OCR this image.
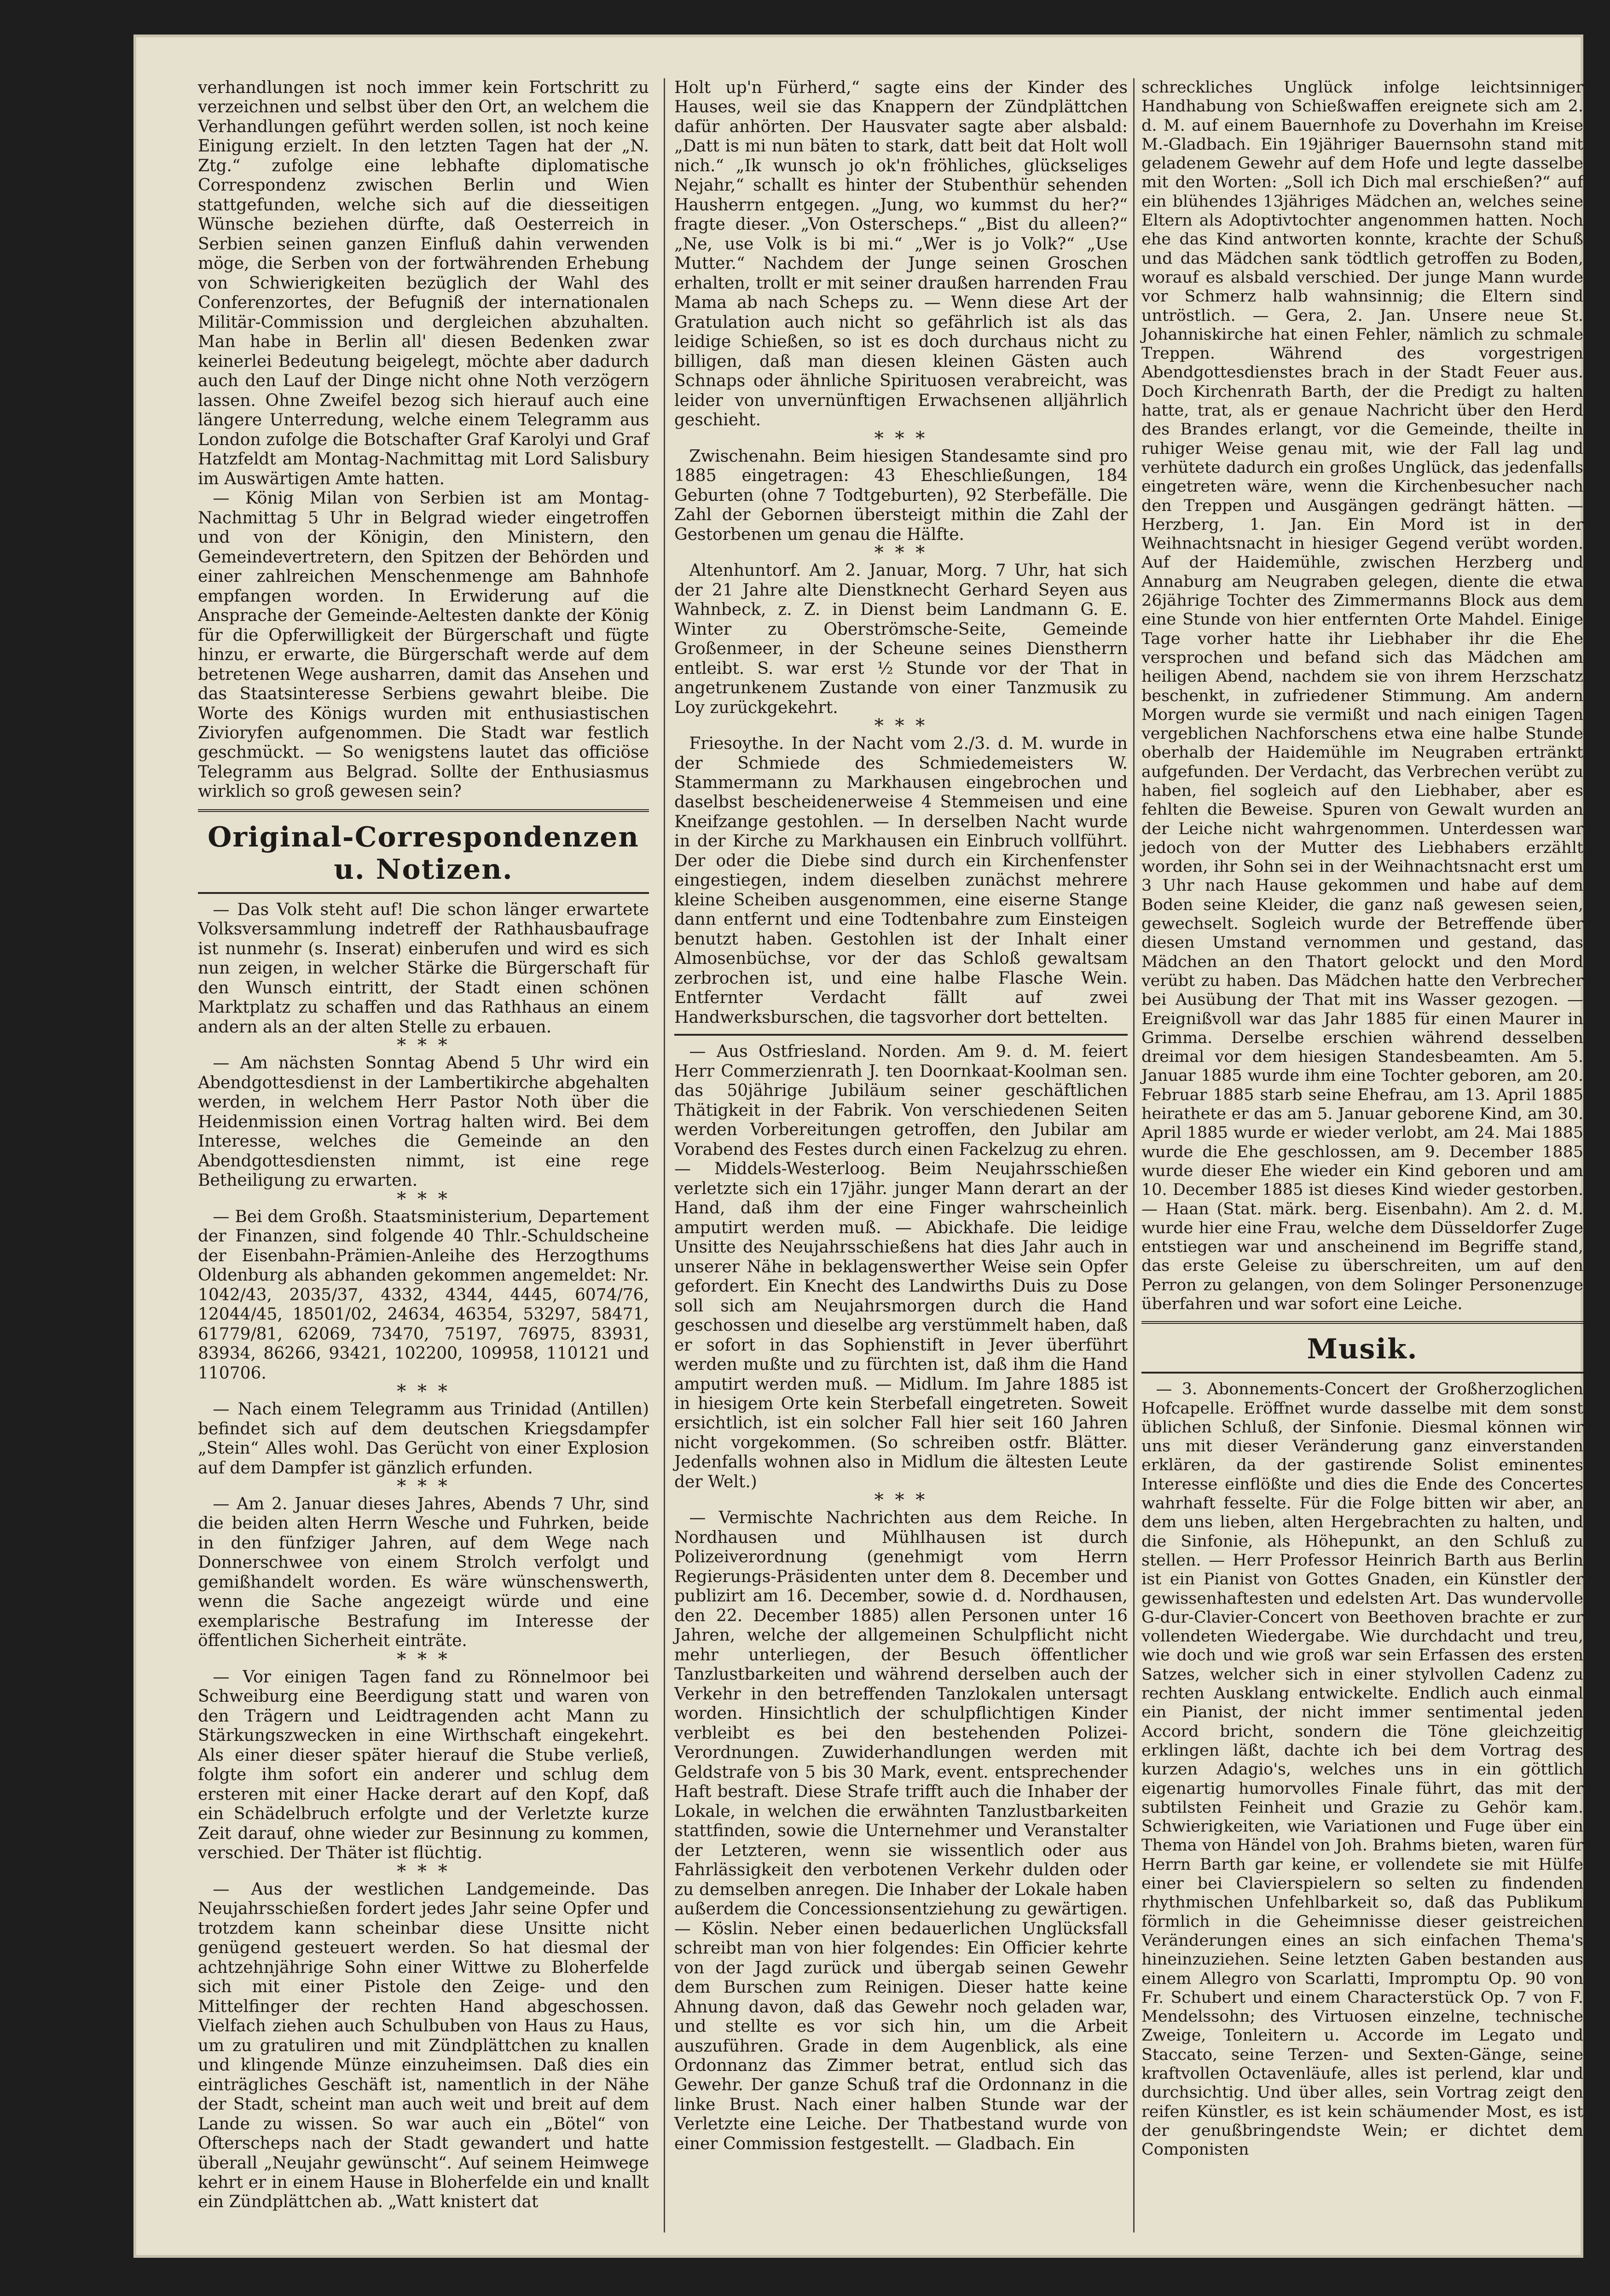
verhandlungen ist noch immer kein Fortschritt zu verzeichnen und selbst über den Ort, an welchem die Verhandlungen geführt werden sollen, ist noch keine Einigung erzielt. In den letzten Tagen hat der „N. Ztg.“ zufolge eine lebhafte diplomatische Correspondenz zwischen Berlin und Wien stattgefunden, welche sich auf die diesseitigen Wünsche beziehen dürfte, daß Oesterreich in Serbien seinen ganzen Einfluß dahin verwenden möge, die Serben von der fortwährenden Erhebung von Schwierigkeiten bezüglich der Wahl des Conferenzortes, der Befugniß der internationalen Militär-Commission und dergleichen abzuhalten. Man habe in Berlin all' diesen Bedenken zwar keinerlei Bedeutung beigelegt, möchte aber dadurch auch den Lauf der Dinge nicht ohne Noth verzögern lassen. Ohne Zweifel bezog sich hierauf auch eine längere Unterredung, welche einem Telegramm aus London zufolge die Botschafter Graf Karolyi und Graf Hatzfeldt am Montag-Nachmittag mit Lord Salisbury im Auswärtigen Amte hatten.

— König Milan von Serbien ist am Montag-Nachmittag 5 Uhr in Belgrad wieder eingetroffen und von der Königin, den Ministern, den Gemeindevertretern, den Spitzen der Behörden und einer zahlreichen Menschenmenge am Bahnhofe empfangen worden. In Erwiderung auf die Ansprache der Gemeinde-Aeltesten dankte der König für die Opferwilligkeit der Bürgerschaft und fügte hinzu, er erwarte, die Bürgerschaft werde auf dem betretenen Wege ausharren, damit das Ansehen und das Staatsinteresse Serbiens gewahrt bleibe. Die Worte des Königs wurden mit enthusiastischen Zivioryfen aufgenommen. Die Stadt war festlich geschmückt. — So wenigstens lautet das officiöse Telegramm aus Belgrad. Sollte der Enthusiasmus wirklich so groß gewesen sein?

Original-Correspondenzen u. Notizen.

— Das Volk steht auf! Die schon länger erwartete Volksversammlung indetreff der Rathhausbaufrage ist nunmehr (s. Inserat) einberufen und wird es sich nun zeigen, in welcher Stärke die Bürgerschaft für den Wunsch eintritt, der Stadt einen schönen Marktplatz zu schaffen und das Rathhaus an einem andern als an der alten Stelle zu erbauen.

* * *

— Am nächsten Sonntag Abend 5 Uhr wird ein Abendgottesdienst in der Lambertikirche abgehalten werden, in welchem Herr Pastor Noth über die Heidenmission einen Vortrag halten wird. Bei dem Interesse, welches die Gemeinde an den Abendgottesdiensten nimmt, ist eine rege Betheiligung zu erwarten.

* * *

— Bei dem Großh. Staatsministerium, Departement der Finanzen, sind folgende 40 Thlr.-Schuldscheine der Eisenbahn-Prämien-Anleihe des Herzogthums Oldenburg als abhanden gekommen angemeldet: Nr. 1042/43, 2035/37, 4332, 4344, 4445, 6074/76, 12044/45, 18501/02, 24634, 46354, 53297, 58471, 61779/81, 62069, 73470, 75197, 76975, 83931, 83934, 86266, 93421, 102200, 109958, 110121 und 110706.

* * *

— Nach einem Telegramm aus Trinidad (Antillen) befindet sich auf dem deutschen Kriegsdampfer „Stein“ Alles wohl. Das Gerücht von einer Explosion auf dem Dampfer ist gänzlich erfunden.

* * *

— Am 2. Januar dieses Jahres, Abends 7 Uhr, sind die beiden alten Herrn Wesche und Fuhrken, beide in den fünfziger Jahren, auf dem Wege nach Donnerschwee von einem Strolch verfolgt und gemißhandelt worden. Es wäre wünschenswerth, wenn die Sache angezeigt würde und eine exemplarische Bestrafung im Interesse der öffentlichen Sicherheit einträte.

* * *

— Vor einigen Tagen fand zu Rönnelmoor bei Schweiburg eine Beerdigung statt und waren von den Trägern und Leidtragenden acht Mann zu Stärkungszwecken in eine Wirthschaft eingekehrt. Als einer dieser später hierauf die Stube verließ, folgte ihm sofort ein anderer und schlug dem ersteren mit einer Hacke derart auf den Kopf, daß ein Schädelbruch erfolgte und der Verletzte kurze Zeit darauf, ohne wieder zur Besinnung zu kommen, verschied. Der Thäter ist flüchtig.

* * *

— Aus der westlichen Landgemeinde. Das Neujahrsschießen fordert jedes Jahr seine Opfer und trotzdem kann scheinbar diese Unsitte nicht genügend gesteuert werden. So hat diesmal der achtzehnjährige Sohn einer Wittwe zu Bloherfelde sich mit einer Pistole den Zeige- und den Mittelfinger der rechten Hand abgeschossen. Vielfach ziehen auch Schulbuben von Haus zu Haus, um zu gratuliren und mit Zündplättchen zu knallen und klingende Münze einzuheimsen. Daß dies ein einträgliches Geschäft ist, namentlich in der Nähe der Stadt, scheint man auch weit und breit auf dem Lande zu wissen. So war auch ein „Bötel“ von Ofterscheps nach der Stadt gewandert und hatte überall „Neujahr gewünscht“. Auf seinem Heimwege kehrt er in einem Hause in Bloherfelde ein und knallt ein Zündplättchen ab. „Watt knistert dat

Holt up'n Fürherd,“ sagte eins der Kinder des Hauses, weil sie das Knappern der Zündplättchen dafür anhörten. Der Hausvater sagte aber alsbald: „Datt is mi nun bäten to stark, datt beit dat Holt woll nich.“ „Ik wunsch jo ok'n fröhliches, glückseliges Nejahr,“ schallt es hinter der Stubenthür sehenden Hausherrn entgegen. „Jung, wo kummst du her?“ fragte dieser. „Von Osterscheps.“ „Bist du alleen?“ „Ne, use Volk is bi mi.“ „Wer is jo Volk?“ „Use Mutter.“ Nachdem der Junge seinen Groschen erhalten, trollt er mit seiner draußen harrenden Frau Mama ab nach Scheps zu. — Wenn diese Art der Gratulation auch nicht so gefährlich ist als das leidige Schießen, so ist es doch durchaus nicht zu billigen, daß man diesen kleinen Gästen auch Schnaps oder ähnliche Spirituosen verabreicht, was leider von unvernünftigen Erwachsenen alljährlich geschieht.

* * *

Zwischenahn. Beim hiesigen Standesamte sind pro 1885 eingetragen: 43 Eheschließungen, 184 Geburten (ohne 7 Todtgeburten), 92 Sterbefälle. Die Zahl der Gebornen übersteigt mithin die Zahl der Gestorbenen um genau die Hälfte.

* * *

Altenhuntorf. Am 2. Januar, Morg. 7 Uhr, hat sich der 21 Jahre alte Dienstknecht Gerhard Seyen aus Wahnbeck, z. Z. in Dienst beim Landmann G. E. Winter zu Oberströmsche-Seite, Gemeinde Großenmeer, in der Scheune seines Dienstherrn entleibt. S. war erst ½ Stunde vor der That in angetrunkenem Zustande von einer Tanzmusik zu Loy zurückgekehrt.

* * *

Friesoythe. In der Nacht vom 2./3. d. M. wurde in der Schmiede des Schmiedemeisters W. Stammermann zu Markhausen eingebrochen und daselbst bescheidenerweise 4 Stemmeisen und eine Kneifzange gestohlen. — In derselben Nacht wurde in der Kirche zu Markhausen ein Einbruch vollführt. Der oder die Diebe sind durch ein Kirchenfenster eingestiegen, indem dieselben zunächst mehrere kleine Scheiben ausgenommen, eine eiserne Stange dann entfernt und eine Todtenbahre zum Einsteigen benutzt haben. Gestohlen ist der Inhalt einer Almosenbüchse, vor der das Schloß gewaltsam zerbrochen ist, und eine halbe Flasche Wein. Entfernter Verdacht fällt auf zwei Handwerksburschen, die tagsvorher dort bettelten.

— Aus Ostfriesland. Norden. Am 9. d. M. feiert Herr Commerzienrath J. ten Doornkaat-Koolman sen. das 50jährige Jubiläum seiner geschäftlichen Thätigkeit in der Fabrik. Von verschiedenen Seiten werden Vorbereitungen getroffen, den Jubilar am Vorabend des Festes durch einen Fackelzug zu ehren. — Middels-Westerloog. Beim Neujahrsschießen verletzte sich ein 17jähr. junger Mann derart an der Hand, daß ihm der eine Finger wahrscheinlich amputirt werden muß. — Abickhafe. Die leidige Unsitte des Neujahrsschießens hat dies Jahr auch in unserer Nähe in beklagenswerther Weise sein Opfer gefordert. Ein Knecht des Landwirths Duis zu Dose soll sich am Neujahrsmorgen durch die Hand geschossen und dieselbe arg verstümmelt haben, daß er sofort in das Sophienstift in Jever überführt werden mußte und zu fürchten ist, daß ihm die Hand amputirt werden muß. — Midlum. Im Jahre 1885 ist in hiesigem Orte kein Sterbefall eingetreten. Soweit ersichtlich, ist ein solcher Fall hier seit 160 Jahren nicht vorgekommen. (So schreiben ostfr. Blätter. Jedenfalls wohnen also in Midlum die ältesten Leute der Welt.)

* * *

— Vermischte Nachrichten aus dem Reiche. In Nordhausen und Mühlhausen ist durch Polizeiverordnung (genehmigt vom Herrn Regierungs-Präsidenten unter dem 8. December und publizirt am 16. December, sowie d. d. Nordhausen, den 22. December 1885) allen Personen unter 16 Jahren, welche der allgemeinen Schulpflicht nicht mehr unterliegen, der Besuch öffentlicher Tanzlustbarkeiten und während derselben auch der Verkehr in den betreffenden Tanzlokalen untersagt worden. Hinsichtlich der schulpflichtigen Kinder verbleibt es bei den bestehenden Polizei-Verordnungen. Zuwiderhandlungen werden mit Geldstrafe von 5 bis 30 Mark, event. entsprechender Haft bestraft. Diese Strafe trifft auch die Inhaber der Lokale, in welchen die erwähnten Tanzlustbarkeiten stattfinden, sowie die Unternehmer und Veranstalter der Letzteren, wenn sie wissentlich oder aus Fahrlässigkeit den verbotenen Verkehr dulden oder zu demselben anregen. Die Inhaber der Lokale haben außerdem die Concessionsentziehung zu gewärtigen. — Köslin. Neber einen bedauerlichen Unglücksfall schreibt man von hier folgendes: Ein Officier kehrte von der Jagd zurück und übergab seinen Gewehr dem Burschen zum Reinigen. Dieser hatte keine Ahnung davon, daß das Gewehr noch geladen war, und stellte es vor sich hin, um die Arbeit auszuführen. Grade in dem Augenblick, als eine Ordonnanz das Zimmer betrat, entlud sich das Gewehr. Der ganze Schuß traf die Ordonnanz in die linke Brust. Nach einer halben Stunde war der Verletzte eine Leiche. Der Thatbestand wurde von einer Commission festgestellt. — Gladbach. Ein

schreckliches Unglück infolge leichtsinniger Handhabung von Schießwaffen ereignete sich am 2. d. M. auf einem Bauernhofe zu Doverhahn im Kreise M.-Gladbach. Ein 19jähriger Bauernsohn stand mit geladenem Gewehr auf dem Hofe und legte dasselbe mit den Worten: „Soll ich Dich mal erschießen?“ auf ein blühendes 13jähriges Mädchen an, welches seine Eltern als Adoptivtochter angenommen hatten. Noch ehe das Kind antworten konnte, krachte der Schuß und das Mädchen sank tödtlich getroffen zu Boden, worauf es alsbald verschied. Der junge Mann wurde vor Schmerz halb wahnsinnig; die Eltern sind untröstlich. — Gera, 2. Jan. Unsere neue St. Johanniskirche hat einen Fehler, nämlich zu schmale Treppen. Während des vorgestrigen Abendgottesdienstes brach in der Stadt Feuer aus. Doch Kirchenrath Barth, der die Predigt zu halten hatte, trat, als er genaue Nachricht über den Herd des Brandes erlangt, vor die Gemeinde, theilte in ruhiger Weise genau mit, wie der Fall lag und verhütete dadurch ein großes Unglück, das jedenfalls eingetreten wäre, wenn die Kirchenbesucher nach den Treppen und Ausgängen gedrängt hätten. — Herzberg, 1. Jan. Ein Mord ist in der Weihnachtsnacht in hiesiger Gegend verübt worden. Auf der Haidemühle, zwischen Herzberg und Annaburg am Neugraben gelegen, diente die etwa 26jährige Tochter des Zimmermanns Block aus dem eine Stunde von hier entfernten Orte Mahdel. Einige Tage vorher hatte ihr Liebhaber ihr die Ehe versprochen und befand sich das Mädchen am heiligen Abend, nachdem sie von ihrem Herzschatz beschenkt, in zufriedener Stimmung. Am andern Morgen wurde sie vermißt und nach einigen Tagen vergeblichen Nachforschens etwa eine halbe Stunde oberhalb der Haidemühle im Neugraben ertränkt aufgefunden. Der Verdacht, das Verbrechen verübt zu haben, fiel sogleich auf den Liebhaber, aber es fehlten die Beweise. Spuren von Gewalt wurden an der Leiche nicht wahrgenommen. Unterdessen war jedoch von der Mutter des Liebhabers erzählt worden, ihr Sohn sei in der Weihnachtsnacht erst um 3 Uhr nach Hause gekommen und habe auf dem Boden seine Kleider, die ganz naß gewesen seien, gewechselt. Sogleich wurde der Betreffende über diesen Umstand vernommen und gestand, das Mädchen an den Thatort gelockt und den Mord verübt zu haben. Das Mädchen hatte den Verbrecher bei Ausübung der That mit ins Wasser gezogen. — Ereignißvoll war das Jahr 1885 für einen Maurer in Grimma. Derselbe erschien während desselben dreimal vor dem hiesigen Standesbeamten. Am 5. Januar 1885 wurde ihm eine Tochter geboren, am 20. Februar 1885 starb seine Ehefrau, am 13. April 1885 heirathete er das am 5. Januar geborene Kind, am 30. April 1885 wurde er wieder verlobt, am 24. Mai 1885 wurde die Ehe geschlossen, am 9. December 1885 wurde dieser Ehe wieder ein Kind geboren und am 10. December 1885 ist dieses Kind wieder gestorben. — Haan (Stat. märk. berg. Eisenbahn). Am 2. d. M. wurde hier eine Frau, welche dem Düsseldorfer Zuge entstiegen war und anscheinend im Begriffe stand, das erste Geleise zu überschreiten, um auf den Perron zu gelangen, von dem Solinger Personenzuge überfahren und war sofort eine Leiche.

Musik.

— 3. Abonnements-Concert der Großherzoglichen Hofcapelle. Eröffnet wurde dasselbe mit dem sonst üblichen Schluß, der Sinfonie. Diesmal können wir uns mit dieser Veränderung ganz einverstanden erklären, da der gastirende Solist eminentes Interesse einflößte und dies die Ende des Concertes wahrhaft fesselte. Für die Folge bitten wir aber, an dem uns lieben, alten Hergebrachten zu halten, und die Sinfonie, als Höhepunkt, an den Schluß zu stellen. — Herr Professor Heinrich Barth aus Berlin ist ein Pianist von Gottes Gnaden, ein Künstler der gewissenhaftesten und edelsten Art. Das wundervolle G-dur-Clavier-Concert von Beethoven brachte er zur vollendeten Wiedergabe. Wie durchdacht und treu, wie doch und wie groß war sein Erfassen des ersten Satzes, welcher sich in einer stylvollen Cadenz zu rechten Ausklang entwickelte. Endlich auch einmal ein Pianist, der nicht immer sentimental jeden Accord bricht, sondern die Töne gleichzeitig erklingen läßt, dachte ich bei dem Vortrag des kurzen Adagio's, welches uns in ein göttlich eigenartig humorvolles Finale führt, das mit der subtilsten Feinheit und Grazie zu Gehör kam. Schwierigkeiten, wie Variationen und Fuge über ein Thema von Händel von Joh. Brahms bieten, waren für Herrn Barth gar keine, er vollendete sie mit Hülfe einer bei Clavierspielern so selten zu findenden rhythmischen Unfehlbarkeit so, daß das Publikum förmlich in die Geheimnisse dieser geistreichen Veränderungen eines an sich einfachen Thema's hineinzuziehen. Seine letzten Gaben bestanden aus einem Allegro von Scarlatti, Impromptu Op. 90 von Fr. Schubert und einem Characterstück Op. 7 von F. Mendelssohn; des Virtuosen einzelne, technische Zweige, Tonleitern u. Accorde im Legato und Staccato, seine Terzen- und Sexten-Gänge, seine kraftvollen Octavenläufe, alles ist perlend, klar und durchsichtig. Und über alles, sein Vortrag zeigt den reifen Künstler, es ist kein schäumender Most, es ist der genußbringendste Wein; er dichtet dem Componisten
